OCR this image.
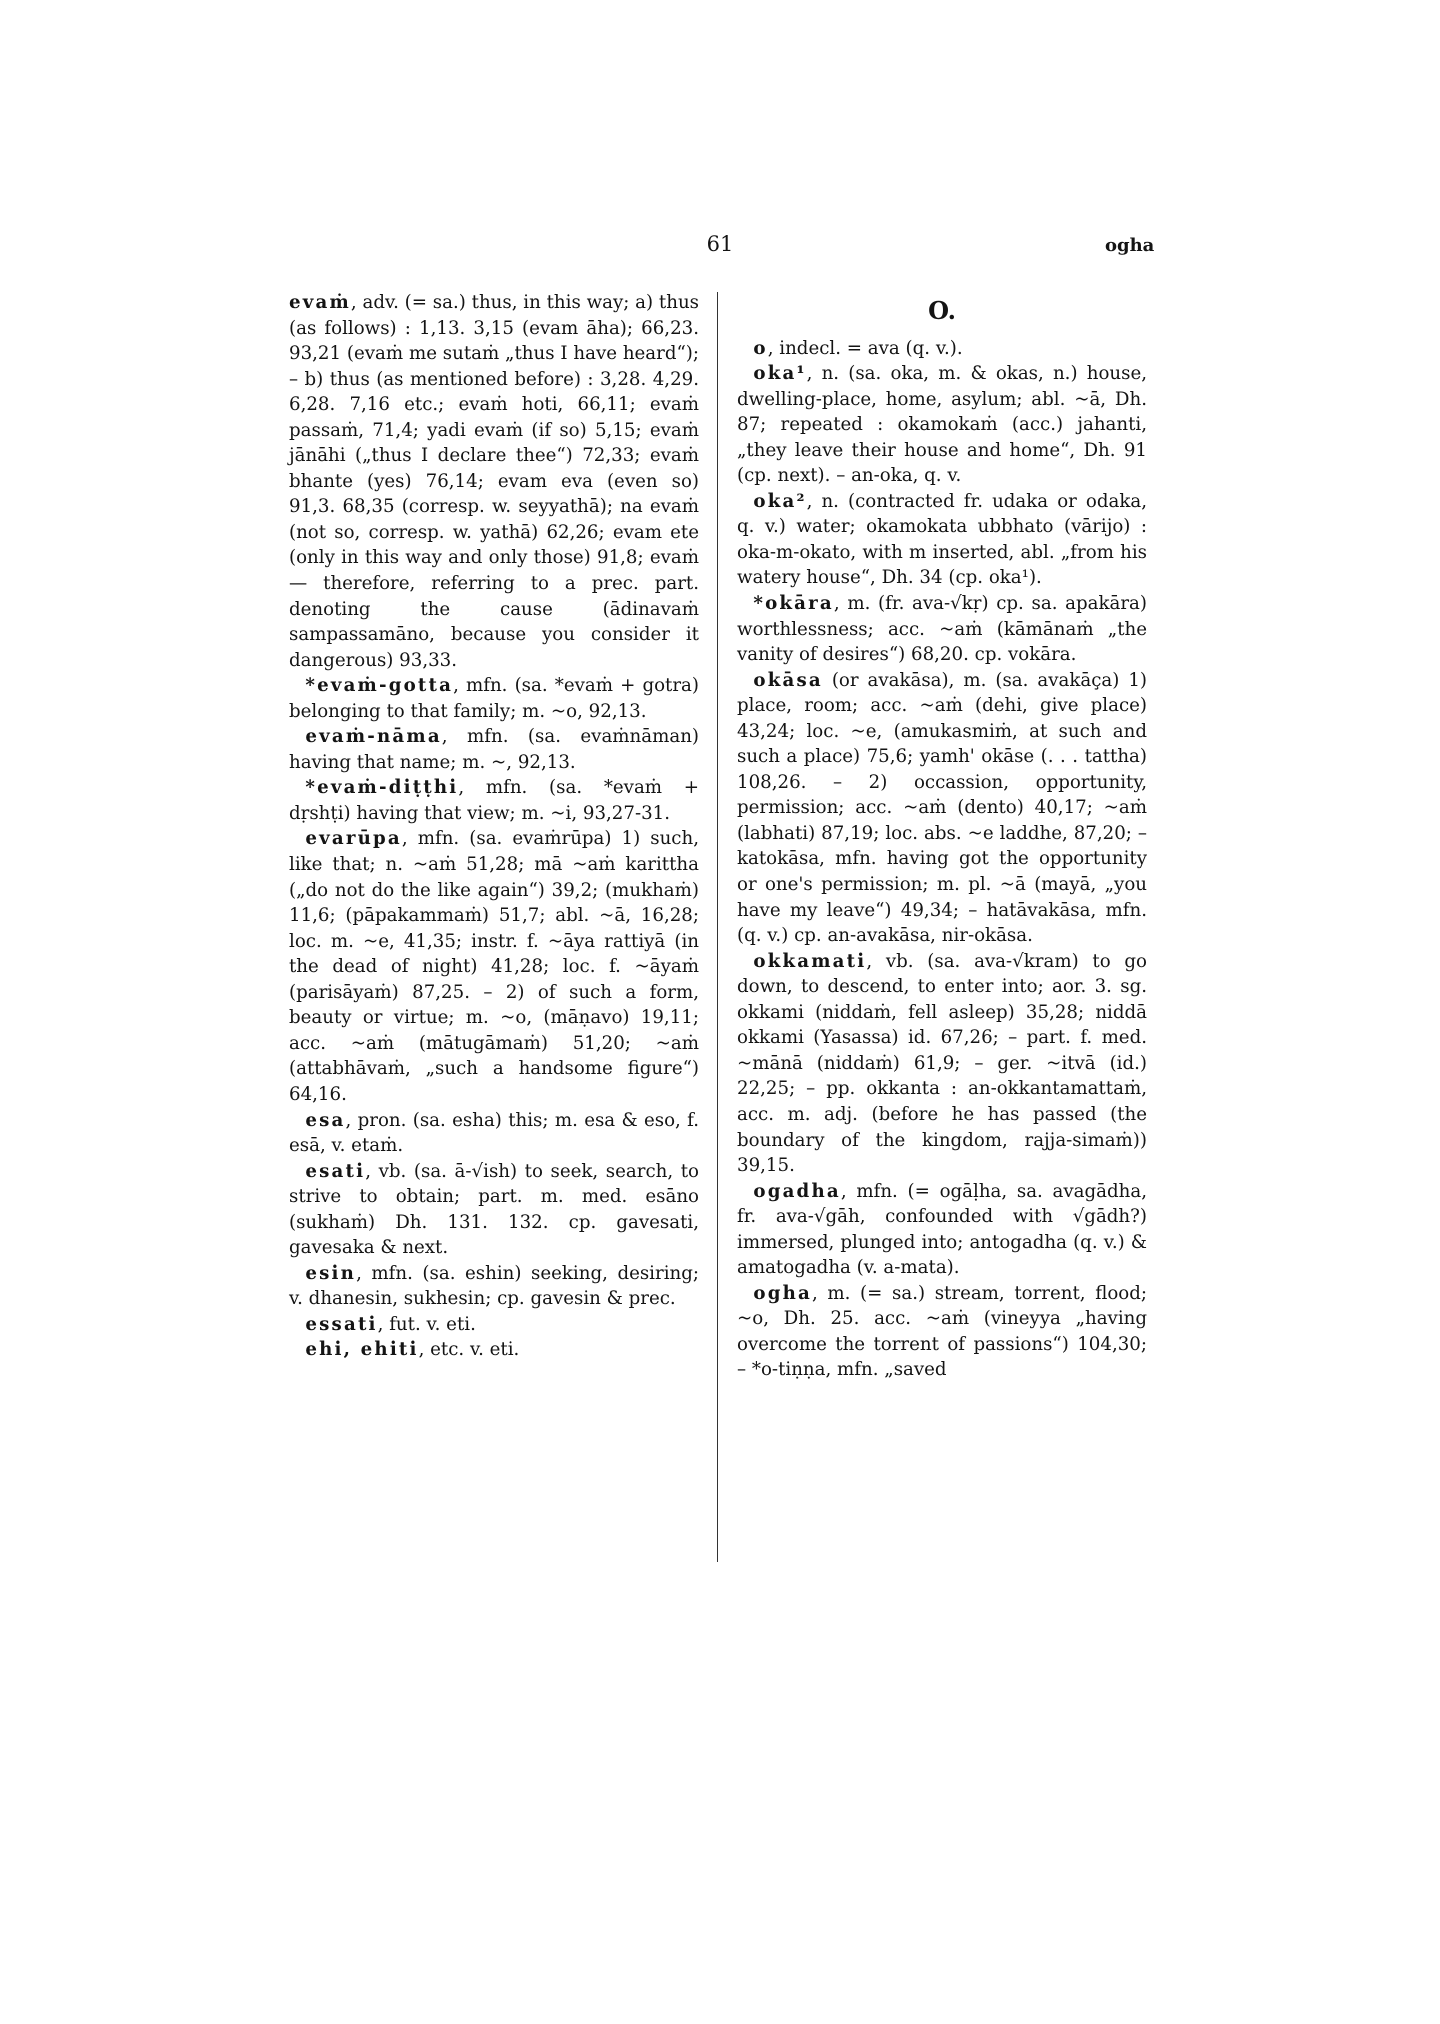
61	ogha

evaṁ, adv. (= sa.) thus, in this way; a) thus (as follows) : 1,13. 3,15 (evam āha); 66,23. 93,21 (evaṁ me sutaṁ „thus I have heard“); – b) thus (as mentioned before) : 3,28. 4,29. 6,28. 7,16 etc.; evaṁ hoti, 66,11; evaṁ passaṁ, 71,4; yadi evaṁ (if so) 5,15; evaṁ jānāhi („thus I declare thee“) 72,33; evaṁ bhante (yes) 76,14; evam eva (even so) 91,3. 68,35 (corresp. w. seyyathā); na evaṁ (not so, corresp. w. yathā) 62,26; evam ete (only in this way and only those) 91,8; evaṁ — therefore, referring to a prec. part. denoting the cause (ādinavaṁ sampassamāno, because you consider it dangerous) 93,33.

*evaṁ-gotta, mfn. (sa. *evaṁ + gotra) belonging to that family; m. ~o, 92,13.

evaṁ-nāma, mfn. (sa. evaṁnāman) having that name; m. ~, 92,13.

*evaṁ-diṭṭhi, mfn. (sa. *evaṁ + dṛshṭi) having that view; m. ~i, 93,27-31.

evarūpa, mfn. (sa. evaṁrūpa) 1) such, like that; n. ~aṁ 51,28; mā ~aṁ karittha („do not do the like again“) 39,2; (mukhaṁ) 11,6; (pāpakammaṁ) 51,7; abl. ~ā, 16,28; loc. m. ~e, 41,35; instr. f. ~āya rattiyā (in the dead of night) 41,28; loc. f. ~āyaṁ (parisāyaṁ) 87,25. – 2) of such a form, beauty or virtue; m. ~o, (māṇavo) 19,11; acc. ~aṁ (mātugāmaṁ) 51,20; ~aṁ (attabhāvaṁ, „such a handsome figure“) 64,16.

esa, pron. (sa. esha) this; m. esa & eso, f. esā, v. etaṁ.

esati, vb. (sa. ā-√ish) to seek, search, to strive to obtain; part. m. med. esāno (sukhaṁ) Dh. 131. 132. cp. gavesati, gavesaka & next.

esin, mfn. (sa. eshin) seeking, desiring; v. dhanesin, sukhesin; cp. gavesin & prec.

essati, fut. v. eti.

ehi, ehiti, etc. v. eti.

O.

o, indecl. = ava (q. v.).

oka¹, n. (sa. oka, m. & okas, n.) house, dwelling-place, home, asylum; abl. ~ā, Dh. 87; repeated : okamokaṁ (acc.) jahanti, „they leave their house and home“, Dh. 91 (cp. next). – an-oka, q. v.

oka², n. (contracted fr. udaka or odaka, q. v.) water; okamokata ubbhato (vārijo) : oka-m-okato, with m inserted, abl. „from his watery house“, Dh. 34 (cp. oka¹).

*okāra, m. (fr. ava-√kṛ) cp. sa. apakāra) worthlessness; acc. ~aṁ (kāmānaṁ „the vanity of desires“) 68,20. cp. vokāra.

okāsa (or avakāsa), m. (sa. avakāça) 1) place, room; acc. ~aṁ (dehi, give place) 43,24; loc. ~e, (amukasmiṁ, at such and such a place) 75,6; yamh' okāse (. . . tattha) 108,26. – 2) occassion, opportunity, permission; acc. ~aṁ (dento) 40,17; ~aṁ (labhati) 87,19; loc. abs. ~e laddhe, 87,20; – katokāsa, mfn. having got the opportunity or one's permission; m. pl. ~ā (mayā, „you have my leave“) 49,34; – hatāvakāsa, mfn. (q. v.) cp. an-avakāsa, nir-okāsa.

okkamati, vb. (sa. ava-√kram) to go down, to descend, to enter into; aor. 3. sg. okkami (niddaṁ, fell asleep) 35,28; niddā okkami (Yasassa) id. 67,26; – part. f. med. ~mānā (niddaṁ) 61,9; – ger. ~itvā (id.) 22,25; – pp. okkanta : an-okkantamattaṁ, acc. m. adj. (before he has passed (the boundary of the kingdom, rajja-simaṁ)) 39,15.

ogadha, mfn. (= ogāḷha, sa. avagādha, fr. ava-√gāh, confounded with √gādh?) immersed, plunged into; antogadha (q. v.) & amatogadha (v. a-mata).

ogha, m. (= sa.) stream, torrent, flood; ~o, Dh. 25. acc. ~aṁ (vineyya „having overcome the torrent of passions“) 104,30; – *o-tiṇṇa, mfn. „saved
